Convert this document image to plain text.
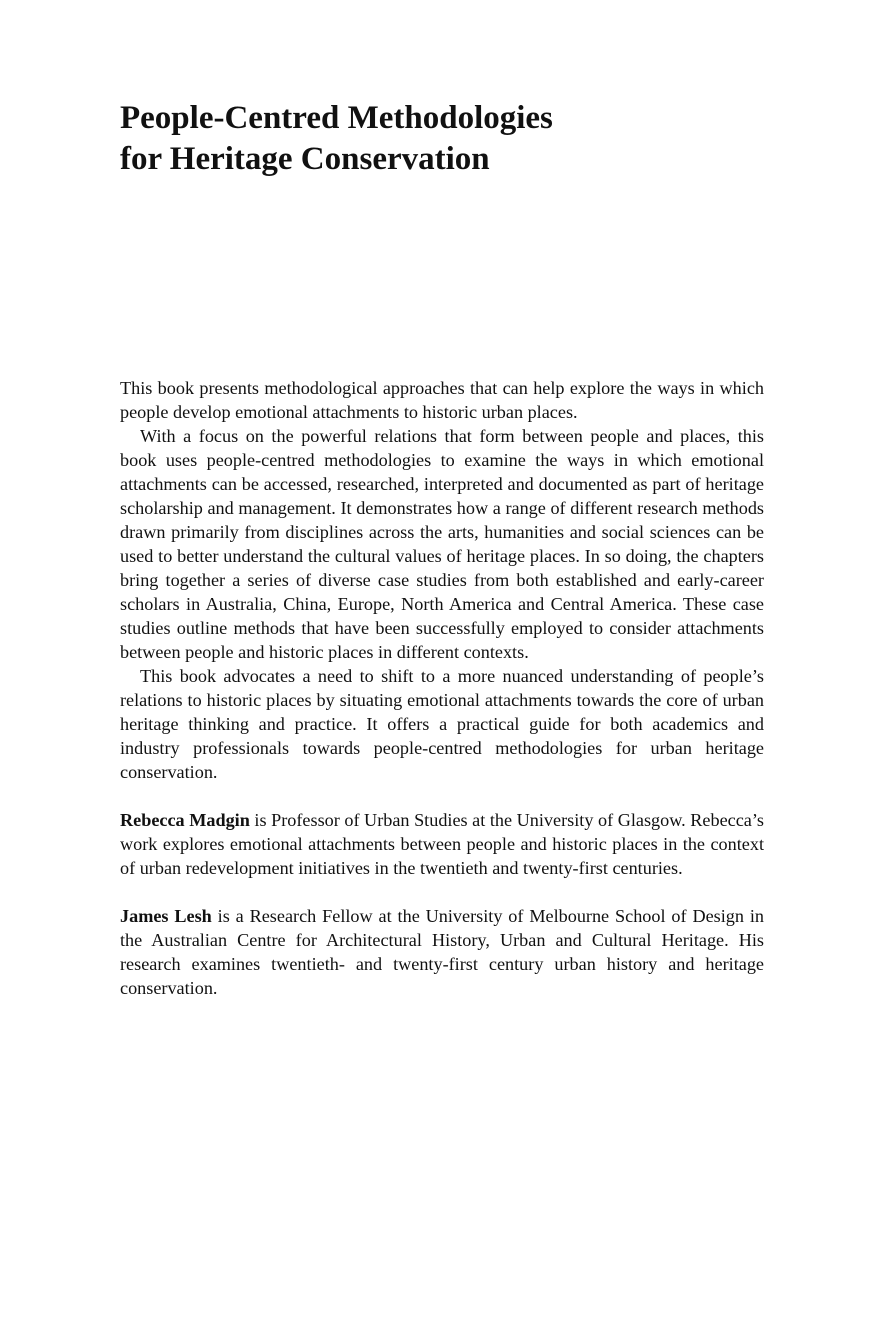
People-Centred Methodologies
for Heritage Conservation

This book presents methodological approaches that can help explore the ways in which people develop emotional attachments to historic urban places.

With a focus on the powerful relations that form between people and places, this book uses people-centred methodologies to examine the ways in which emotional attachments can be accessed, researched, interpreted and documented as part of heritage scholarship and management. It demonstrates how a range of different research methods drawn primarily from disciplines across the arts, humanities and social sciences can be used to better understand the cultural values of heritage places. In so doing, the chapters bring together a series of diverse case studies from both established and early-career scholars in Australia, China, Europe, North America and Central America. These case studies outline methods that have been successfully employed to consider attachments between people and historic places in different contexts.

This book advocates a need to shift to a more nuanced understanding of people’s relations to historic places by situating emotional attachments towards the core of urban heritage thinking and practice. It offers a practical guide for both academics and industry professionals towards people-centred methodologies for urban heritage conservation.

Rebecca Madgin is Professor of Urban Studies at the University of Glasgow. Rebecca’s work explores emotional attachments between people and historic places in the context of urban redevelopment initiatives in the twentieth and twenty-first centuries.

James Lesh is a Research Fellow at the University of Melbourne School of Design in the Australian Centre for Architectural History, Urban and Cultural Heritage. His research examines twentieth- and twenty-first century urban history and heritage conservation.
